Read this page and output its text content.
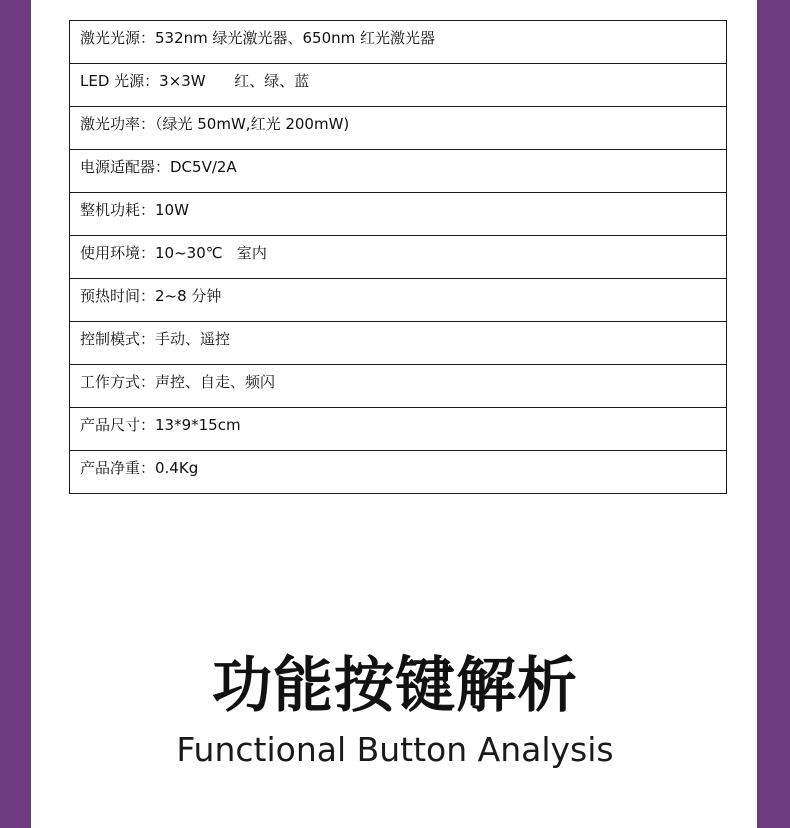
激光光源：532nm 绿光激光器、650nm 红光激光器
LED 光源：3×3W      红、绿、蓝
激光功率：（绿光 50mW,红光 200mW)
电源适配器：DC5V/2A
整机功耗：10W
使用环境：10~30℃   室内
预热时间：2~8 分钟
控制模式：手动、遥控
工作方式：声控、自走、频闪
产品尺寸：13*9*15cm
产品净重：0.4Kg
功能按键解析
Functional Button Analysis
